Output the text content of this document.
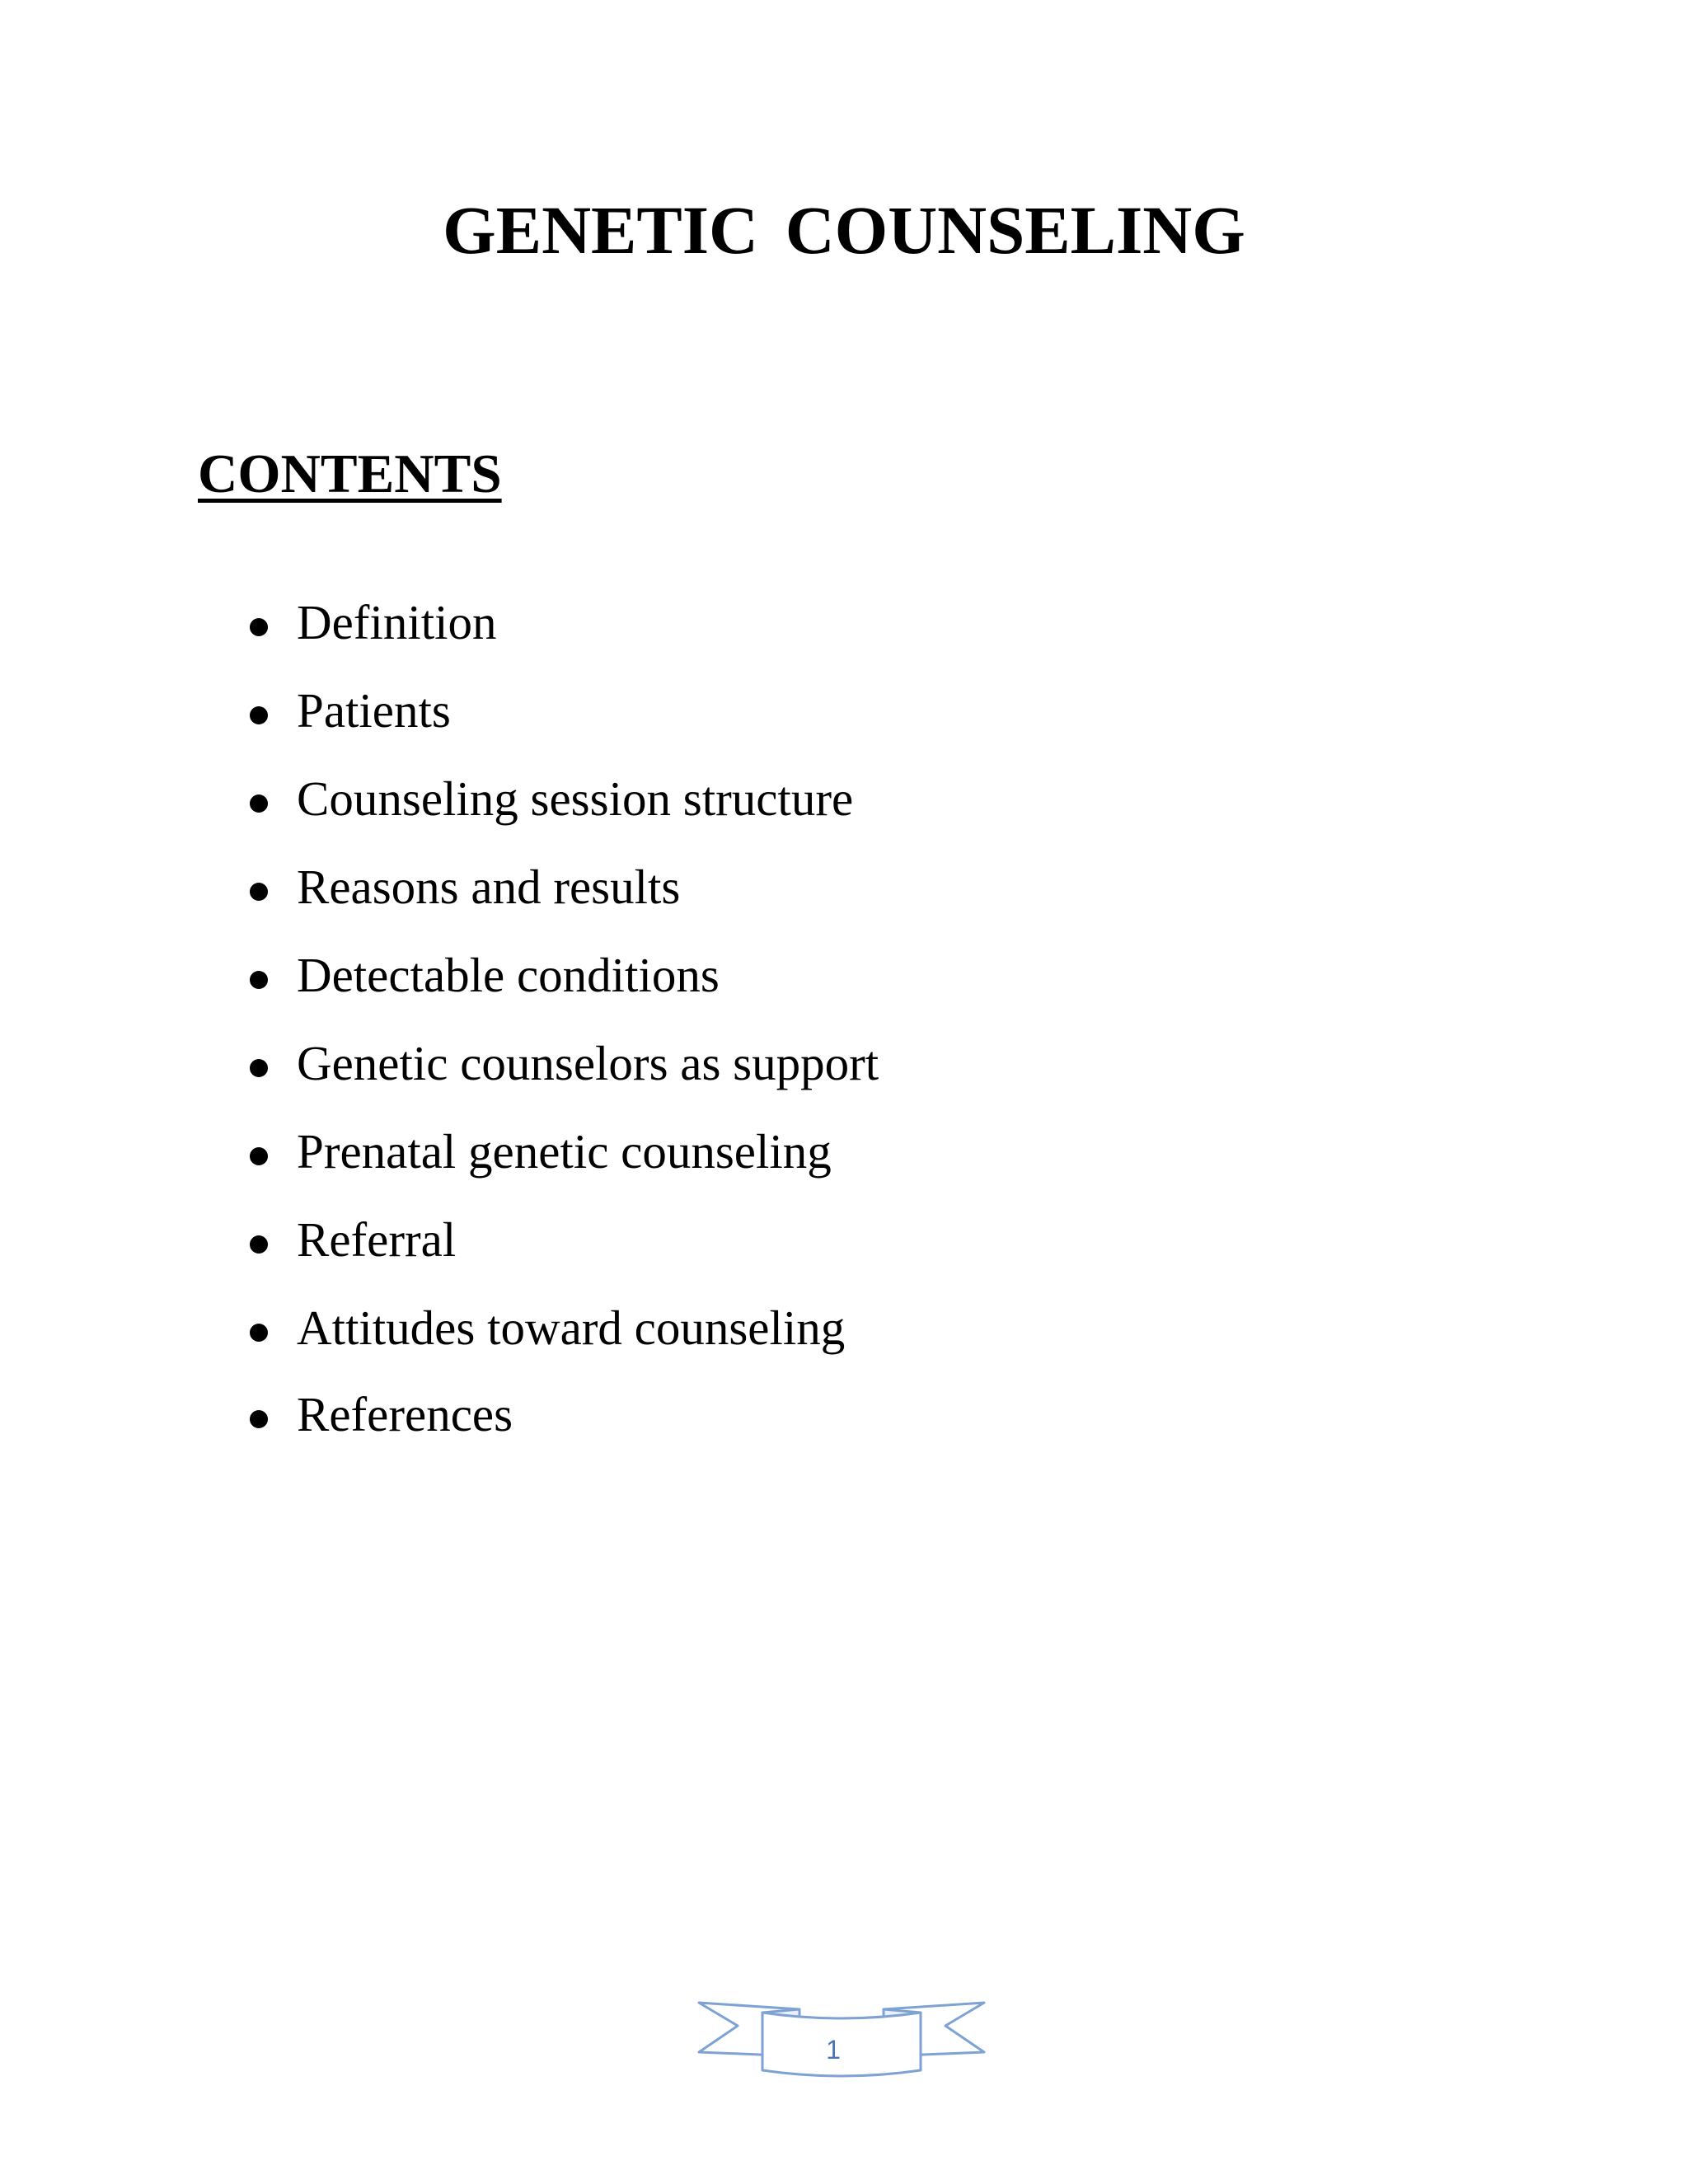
GENETIC COUNSELING
CONTENTS
Definition
Patients
Counseling session structure
Reasons and results
Detectable conditions
Genetic counselors as support
Prenatal genetic counseling
Referral
Attitudes toward counseling
References
1
